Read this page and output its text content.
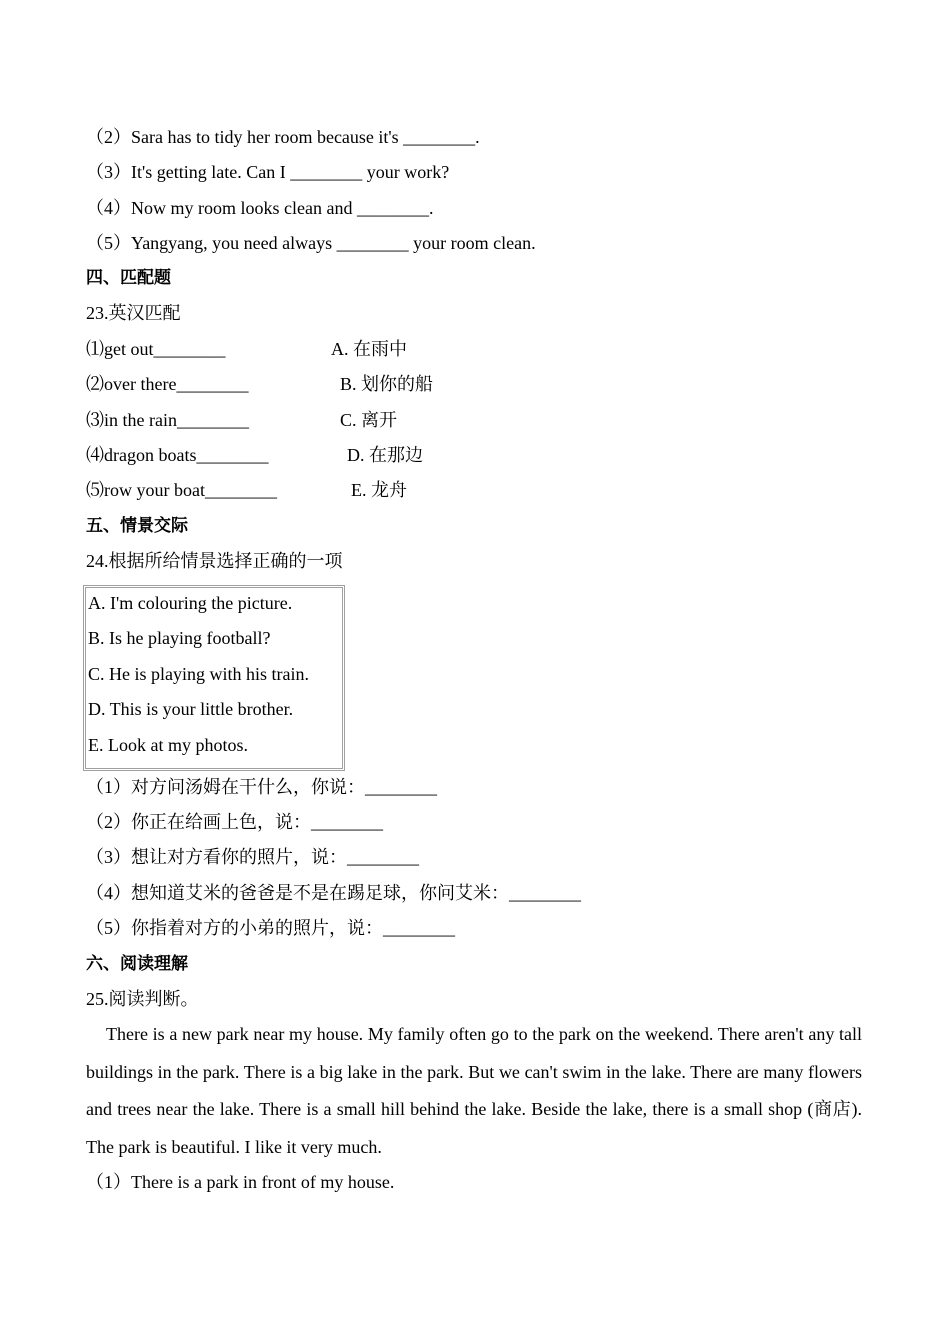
（2）Sara has to tidy her room because it's ________.
（3）It's getting late. Can I ________ your work?
（4）Now my room looks clean and ________.
（5）Yangyang, you need always ________ your room clean.
四、匹配题
23.英汉匹配
⑴get out________
⑵over there________
⑶in the rain________
⑷dragon boats________
⑸row your boat________
A. 在雨中
B. 划你的船
C. 离开
D. 在那边
E. 龙舟
五、情景交际
24.根据所给情景选择正确的一项
A. I'm colouring the picture.
B. Is he playing football?
C. He is playing with his train.
D. This is your little brother.
E. Look at my photos.
（1）对方问汤姆在干什么，你说：________
（2）你正在给画上色，说：________
（3）想让对方看你的照片，说：________
（4）想知道艾米的爸爸是不是在踢足球，你问艾米：________
（5）你指着对方的小弟的照片，说：________
六、阅读理解
25.阅读判断。
There is a new park near my house. My family often go to the park on the weekend. There aren't any tall buildings in the park. There is a big lake in the park. But we can't swim in the lake. There are many flowers and trees near the lake. There is a small hill behind the lake. Beside the lake, there is a small shop (商店). The park is beautiful. I like it very much.
（1）There is a park in front of my house.
